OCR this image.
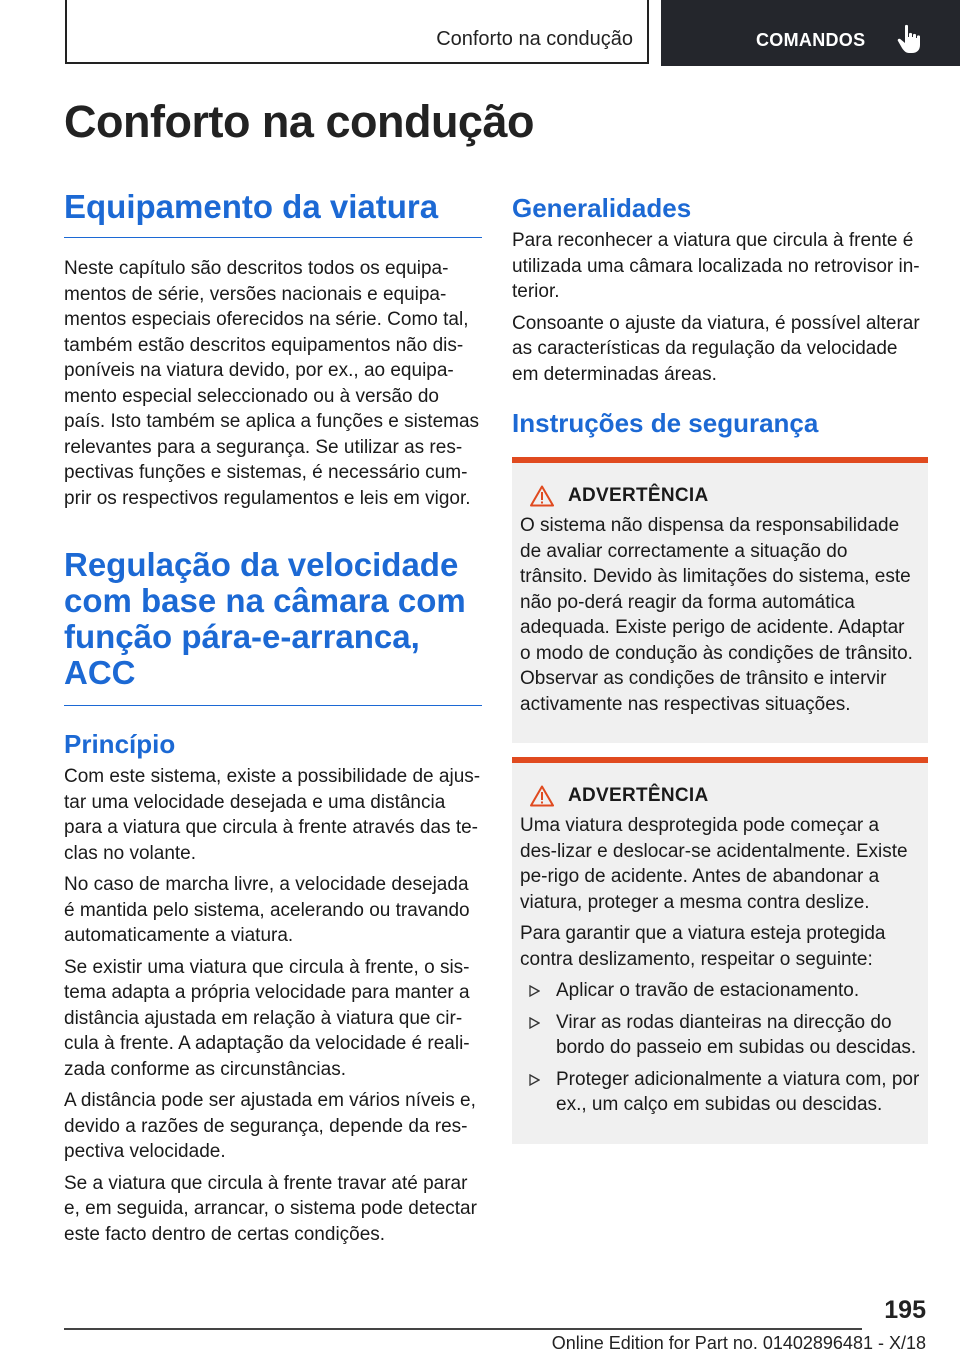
Conforto na condução	COMANDOS
Conforto na condução
Equipamento da viatura

Neste capítulo são descritos todos os equipa-mentos de série, versões nacionais e equipa-mentos especiais oferecidos na série. Como tal, também estão descritos equipamentos não dis-poníveis na viatura devido, por ex., ao equipa-mento especial seleccionado ou à versão do país. Isto também se aplica a funções e sistemas relevantes para a segurança. Se utilizar as res-pectivas funções e sistemas, é necessário cum-prir os respectivos regulamentos e leis em vigor.

Regulação da velocidade com base na câmara com função pára-e-arranca, ACC
Princípio

Com este sistema, existe a possibilidade de ajus-tar uma velocidade desejada e uma distância para a viatura que circula à frente através das te-clas no volante.

No caso de marcha livre, a velocidade desejada é mantida pelo sistema, acelerando ou travando automaticamente a viatura.

Se existir uma viatura que circula à frente, o sis-tema adapta a própria velocidade para manter a distância ajustada em relação à viatura que cir-cula à frente. A adaptação da velocidade é reali-zada conforme as circunstâncias.

A distância pode ser ajustada em vários níveis e, devido a razões de segurança, depende da res-pectiva velocidade.

Se a viatura que circula à frente travar até parar e, em seguida, arrancar, o sistema pode detectar este facto dentro de certas condições.

Generalidades

Para reconhecer a viatura que circula à frente é utilizada uma câmara localizada no retrovisor in-terior.

Consoante o ajuste da viatura, é possível alterar as características da regulação da velocidade em determinadas áreas.

Instruções de segurança
ADVERTÊNCIA

O sistema não dispensa da responsabilidade de avaliar correctamente a situação do trânsito. Devido às limitações do sistema, este não po-derá reagir da forma automática adequada. Existe perigo de acidente. Adaptar o modo de condução às condições de trânsito. Observar as condições de trânsito e intervir activamente nas respectivas situações.

ADVERTÊNCIA

Uma viatura desprotegida pode começar a des-lizar e deslocar-se acidentalmente. Existe pe-rigo de acidente. Antes de abandonar a viatura, proteger a mesma contra deslize.

Para garantir que a viatura esteja protegida contra deslizamento, respeitar o seguinte:

Aplicar o travão de estacionamento.
Virar as rodas dianteiras na direcção do bordo do passeio em subidas ou descidas.
Proteger adicionalmente a viatura com, por ex., um calço em subidas ou descidas.
195
Online Edition for Part no. 01402896481 - X/18
